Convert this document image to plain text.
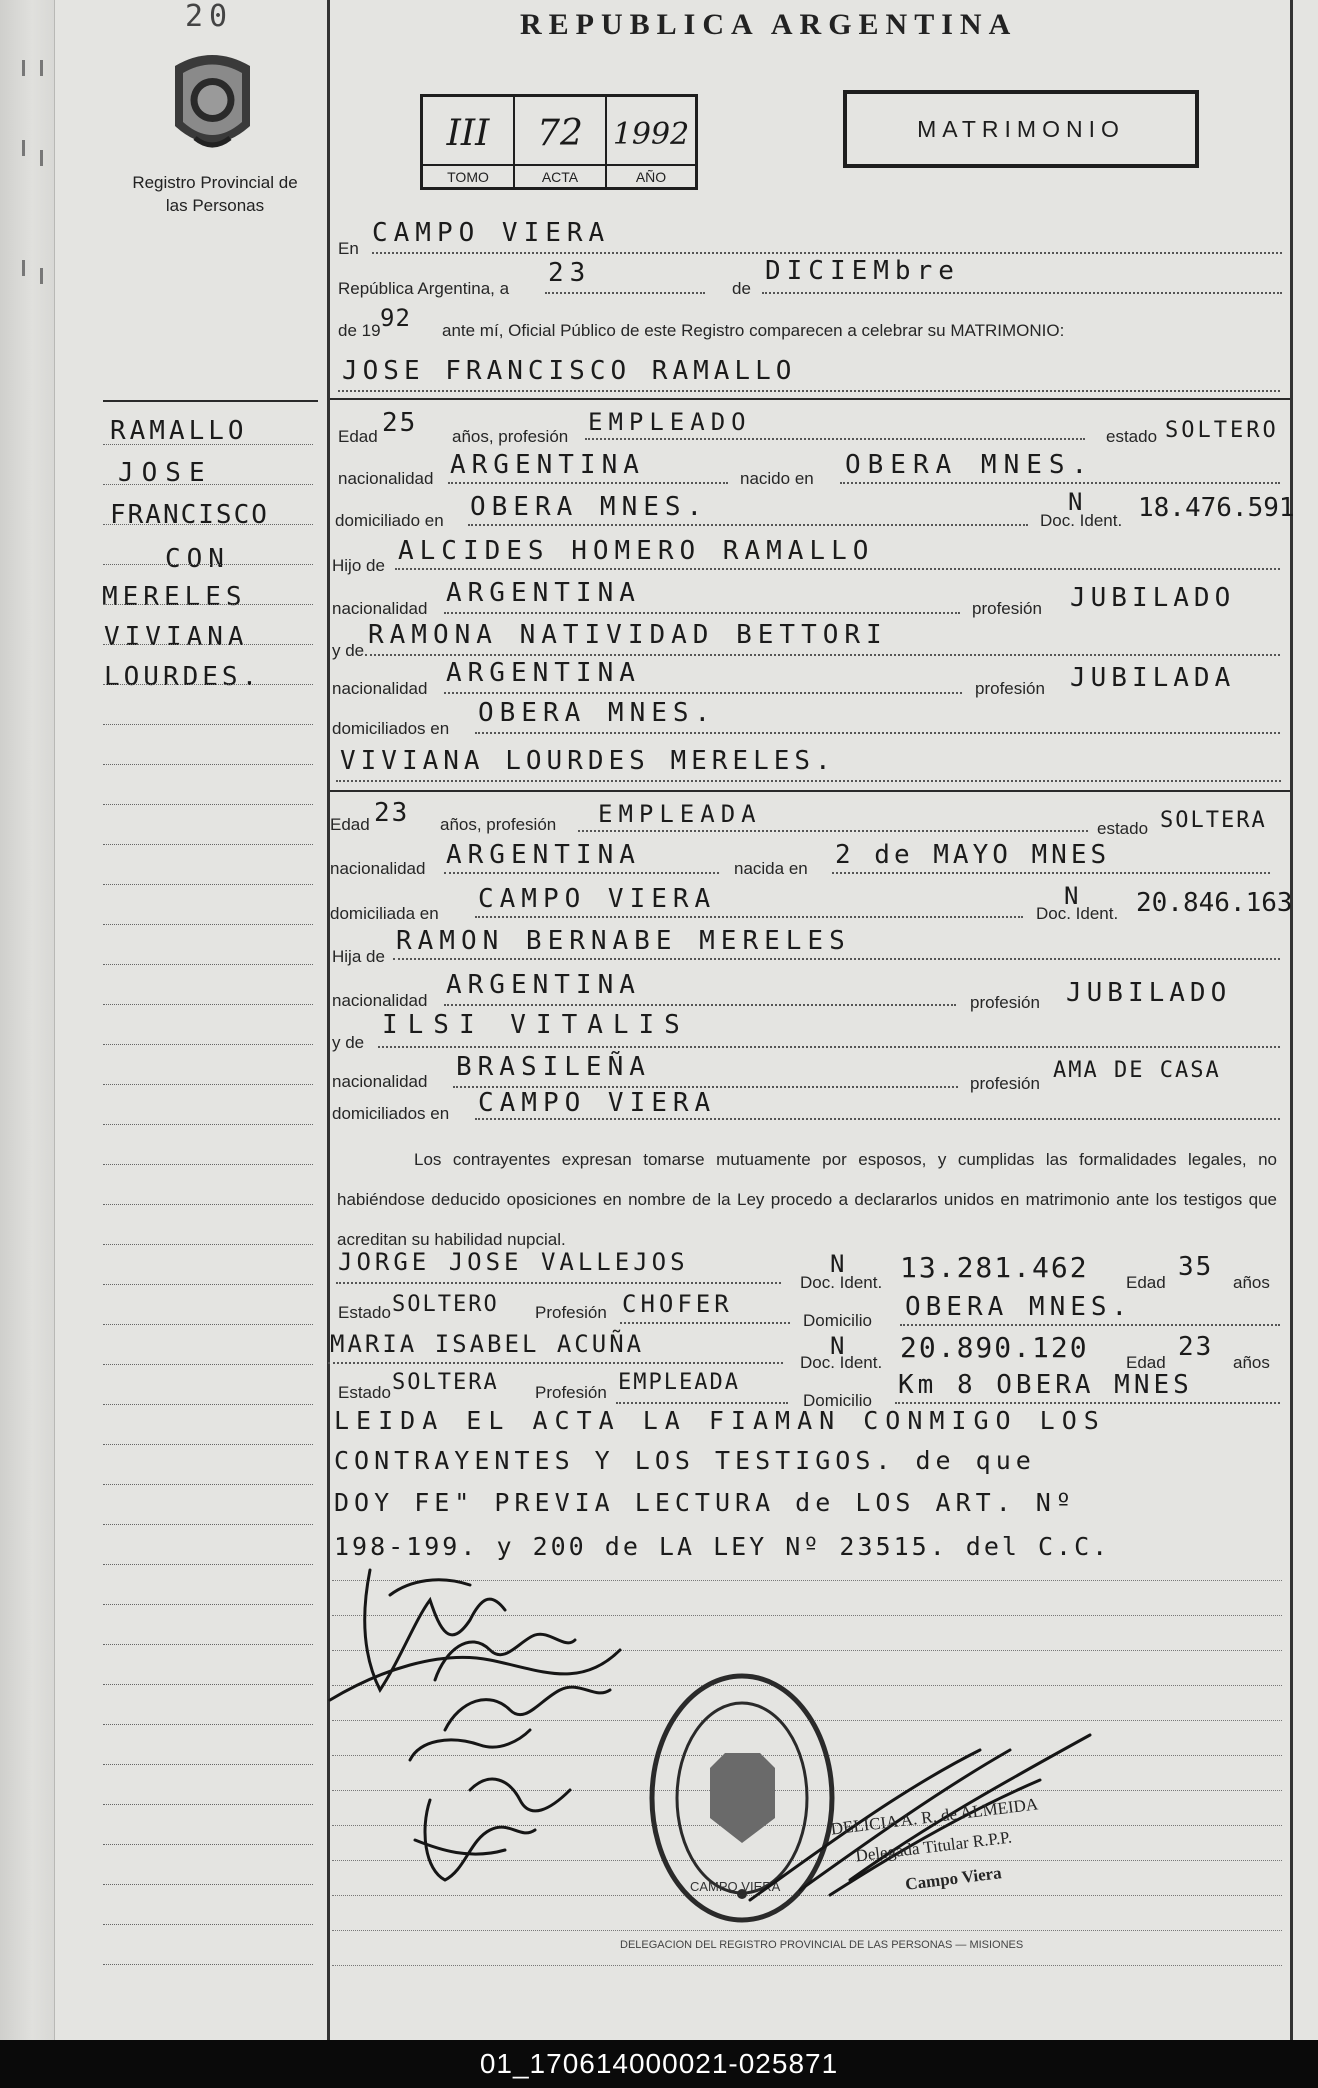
20
Registro Provincial de las Personas
REPUBLICA ARGENTINA
III
TOMO
72
ACTA
1992
AÑO
MATRIMONIO
En
CAMPO VIERA
República Argentina, a
23
de
DICIEMbre
de 19 92 ante mí, Oficial Público de este Registro comparecen a celebrar su MATRIMONIO:
JOSE FRANCISCO RAMALLO
Edad 25 años, profesión
EMPLEADO
estado SOLTERO
nacionalidad ARGENTINA	nacido en OBERA MNES.
domiciliado en OBERA MNES.	Doc. Ident.
N 18.476.591
Hijo de ALCIDES HOMERO RAMALLO
nacionalidad
ARGENTINA
profesión JUBILADO
y de
RAMONA NATIVIDAD BETTORI
nacionalidad
ARGENTINA
profesión JUBILADA
domiciliados en
OBERA MNES.
VIVIANA LOURDES MERELES.
Edad 23 años, profesión EMPLEADA
estado SOLTERA
nacionalidad ARGENTINA	nacida en 2 de MAYO MNES
domiciliada en CAMPO VIERA	Doc. Ident.
N 20.846.163
Hija de
RAMON BERNABE MERELES
nacionalidad
ARGENTINA
profesión JUBILADO
y de
ILSI VITALIS
nacionalidad BRASILEÑA
profesión
AMA DE CASA
domiciliados en CAMPO VIERA
Los contrayentes expresan tomarse mutuamente por esposos, y cumplidas las formalidades legales, no habiéndose deducido oposiciones en nombre de la Ley procedo a declararlos unidos en matrimonio ante los testigos que acreditan su habilidad nupcial.
JORGE JOSE VALLEJOS
Doc. Ident.
N 13.281.462 Edad
35
años
Estado SOLTERO Profesión CHOFER
Domicilio OBERA MNES.
MARIA ISABEL ACUÑA
Doc. Ident.
N 20.890.120 Edad
23
años
Estado SOLTERA Profesión EMPLEADA
Domicilio
Km 8 OBERA MNES
LEIDA EL ACTA LA FIAMAN CONMIGO LOS
CONTRAYENTES Y LOS TESTIGOS. de que
DOY FE" PREVIA LECTURA de LOS ART. Nº
198-199. y 200 de LA LEY Nº 23515. del C.C.
RAMALLO
JOSE
FRANCISCO
CON
MERELES
VIVIANA
LOURDES.
DELEGACION DEL REGISTRO PROVINCIAL DE LAS PERSONAS — MISIONES
CAMPO VIERA
DELICIA A. R. de ALMEIDA
Delegada Titular R.P.P.
Campo Viera
01_170614000021-025871
